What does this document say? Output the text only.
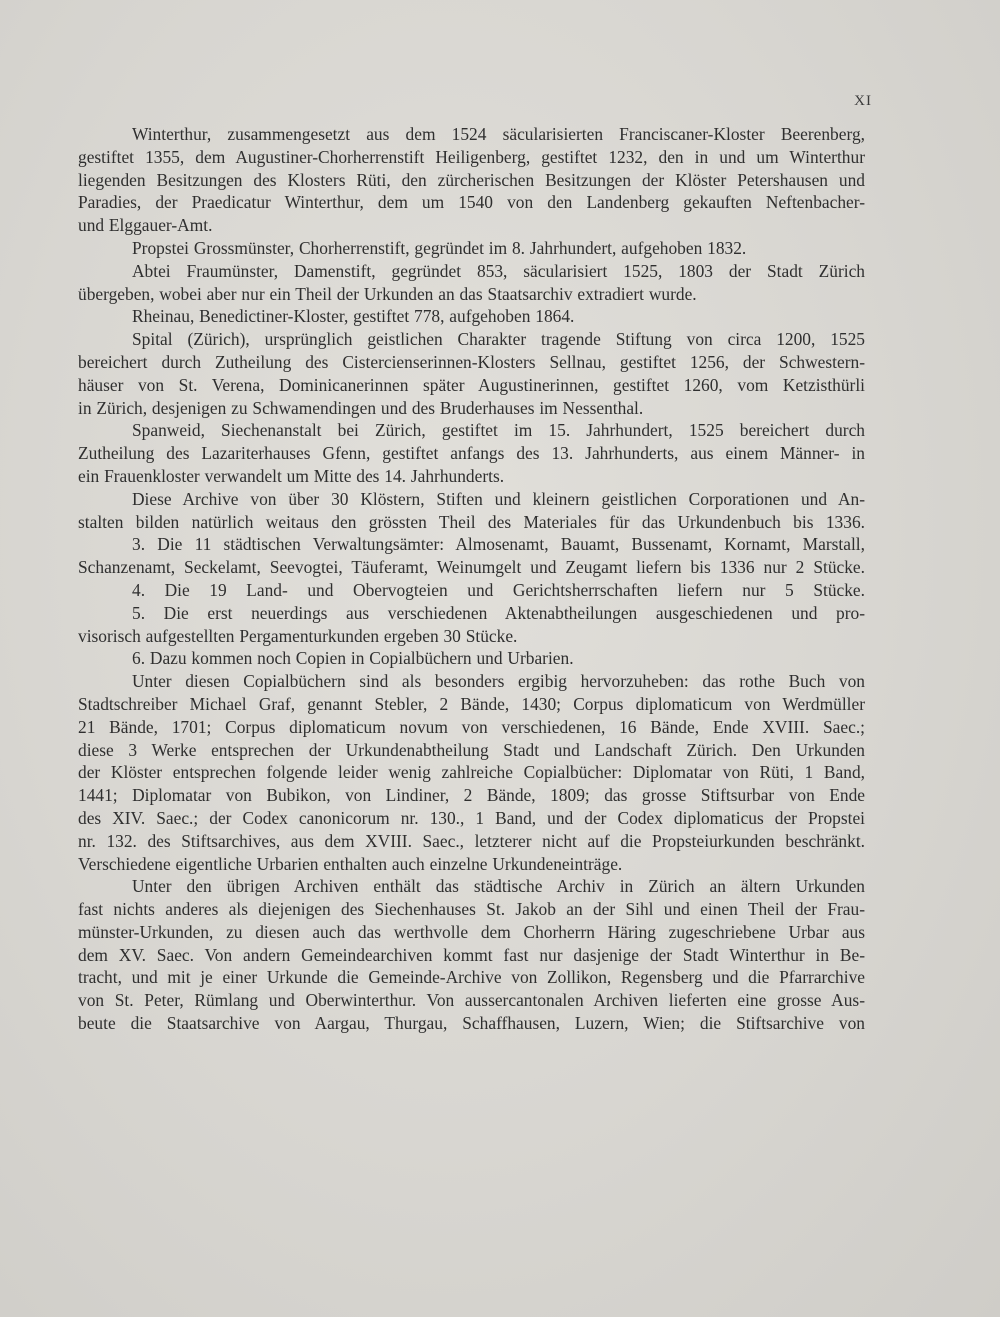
XI
Winterthur, zusammengesetzt aus dem 1524 säcularisierten Franciscaner-Kloster Beerenberg,
gestiftet 1355, dem Augustiner-Chorherrenstift Heiligenberg, gestiftet 1232, den in und um Winterthur
liegenden Besitzungen des Klosters Rüti, den zürcherischen Besitzungen der Klöster Petershausen und
Paradies, der Praedicatur Winterthur, dem um 1540 von den Landenberg gekauften Neftenbacher-
und Elggauer-Amt.
Propstei Grossmünster, Chorherrenstift, gegründet im 8. Jahrhundert, aufgehoben 1832.
Abtei Fraumünster, Damenstift, gegründet 853, säcularisiert 1525, 1803 der Stadt Zürich
übergeben, wobei aber nur ein Theil der Urkunden an das Staatsarchiv extradiert wurde.
Rheinau, Benedictiner-Kloster, gestiftet 778, aufgehoben 1864.
Spital (Zürich), ursprünglich geistlichen Charakter tragende Stiftung von circa 1200, 1525
bereichert durch Zutheilung des Cistercienserinnen-Klosters Sellnau, gestiftet 1256, der Schwestern-
häuser von St. Verena, Dominicanerinnen später Augustinerinnen, gestiftet 1260, vom Ketzisthürli
in Zürich, desjenigen zu Schwamendingen und des Bruderhauses im Nessenthal.
Spanweid, Siechenanstalt bei Zürich, gestiftet im 15. Jahrhundert, 1525 bereichert durch
Zutheilung des Lazariterhauses Gfenn, gestiftet anfangs des 13. Jahrhunderts, aus einem Männer- in
ein Frauenkloster verwandelt um Mitte des 14. Jahrhunderts.
Diese Archive von über 30 Klöstern, Stiften und kleinern geistlichen Corporationen und An-
stalten bilden natürlich weitaus den grössten Theil des Materiales für das Urkundenbuch bis 1336.
3. Die 11 städtischen Verwaltungsämter: Almosenamt, Bauamt, Bussenamt, Kornamt, Marstall,
Schanzenamt, Seckelamt, Seevogtei, Täuferamt, Weinumgelt und Zeugamt liefern bis 1336 nur 2 Stücke.
4. Die 19 Land- und Obervogteien und Gerichtsherrschaften liefern nur 5 Stücke.
5. Die erst neuerdings aus verschiedenen Aktenabtheilungen ausgeschiedenen und pro-
visorisch aufgestellten Pergamenturkunden ergeben 30 Stücke.
6. Dazu kommen noch Copien in Copialbüchern und Urbarien.
Unter diesen Copialbüchern sind als besonders ergibig hervorzuheben: das rothe Buch von
Stadtschreiber Michael Graf, genannt Stebler, 2 Bände, 1430; Corpus diplomaticum von Werdmüller
21 Bände, 1701; Corpus diplomaticum novum von verschiedenen, 16 Bände, Ende XVIII. Saec.;
diese 3 Werke entsprechen der Urkundenabtheilung Stadt und Landschaft Zürich. Den Urkunden
der Klöster entsprechen folgende leider wenig zahlreiche Copialbücher: Diplomatar von Rüti, 1 Band,
1441; Diplomatar von Bubikon, von Lindiner, 2 Bände, 1809; das grosse Stiftsurbar von Ende
des XIV. Saec.; der Codex canonicorum nr. 130., 1 Band, und der Codex diplomaticus der Propstei
nr. 132. des Stiftsarchives, aus dem XVIII. Saec., letzterer nicht auf die Propsteiurkunden beschränkt.
Verschiedene eigentliche Urbarien enthalten auch einzelne Urkundeneinträge.
Unter den übrigen Archiven enthält das städtische Archiv in Zürich an ältern Urkunden
fast nichts anderes als diejenigen des Siechenhauses St. Jakob an der Sihl und einen Theil der Frau-
münster-Urkunden, zu diesen auch das werthvolle dem Chorherrn Häring zugeschriebene Urbar aus
dem XV. Saec. Von andern Gemeindearchiven kommt fast nur dasjenige der Stadt Winterthur in Be-
tracht, und mit je einer Urkunde die Gemeinde-Archive von Zollikon, Regensberg und die Pfarrarchive
von St. Peter, Rümlang und Oberwinterthur. Von aussercantonalen Archiven lieferten eine grosse Aus-
beute die Staatsarchive von Aargau, Thurgau, Schaffhausen, Luzern, Wien; die Stiftsarchive von
